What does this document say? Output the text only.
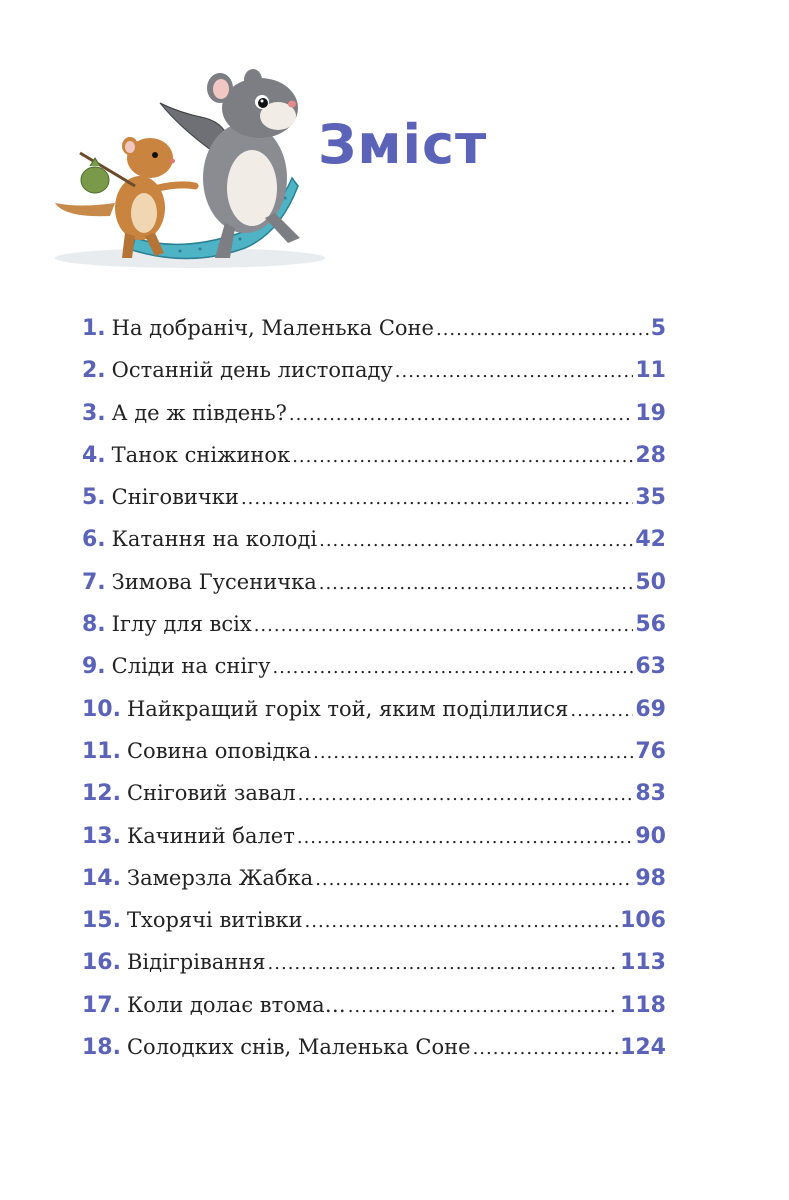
Зміст
1. На добраніч, Маленька Соне .....	5
2. Останній день листопаду .....	11
3. А де ж південь? .....	19
4. Танок сніжинок .....	28
5. Сніговички .....	35
6. Катання на колоді .....	42
7. Зимова Гусеничка .....	50
8. Іглу для всіх .....	56
9. Сліди на снігу .....	63
10. Найкращий горіх той, яким поділилися .....	69
11. Совина оповідка .....	76
12. Сніговий завал .....	83
13. Качиний балет .....	90
14. Замерзла Жабка .....	98
15. Тхорячі витівки .....	106
16. Відігрівання .....	113
17. Коли долає втома… .....	118
18. Солодких снів, Маленька Соне .....	124
